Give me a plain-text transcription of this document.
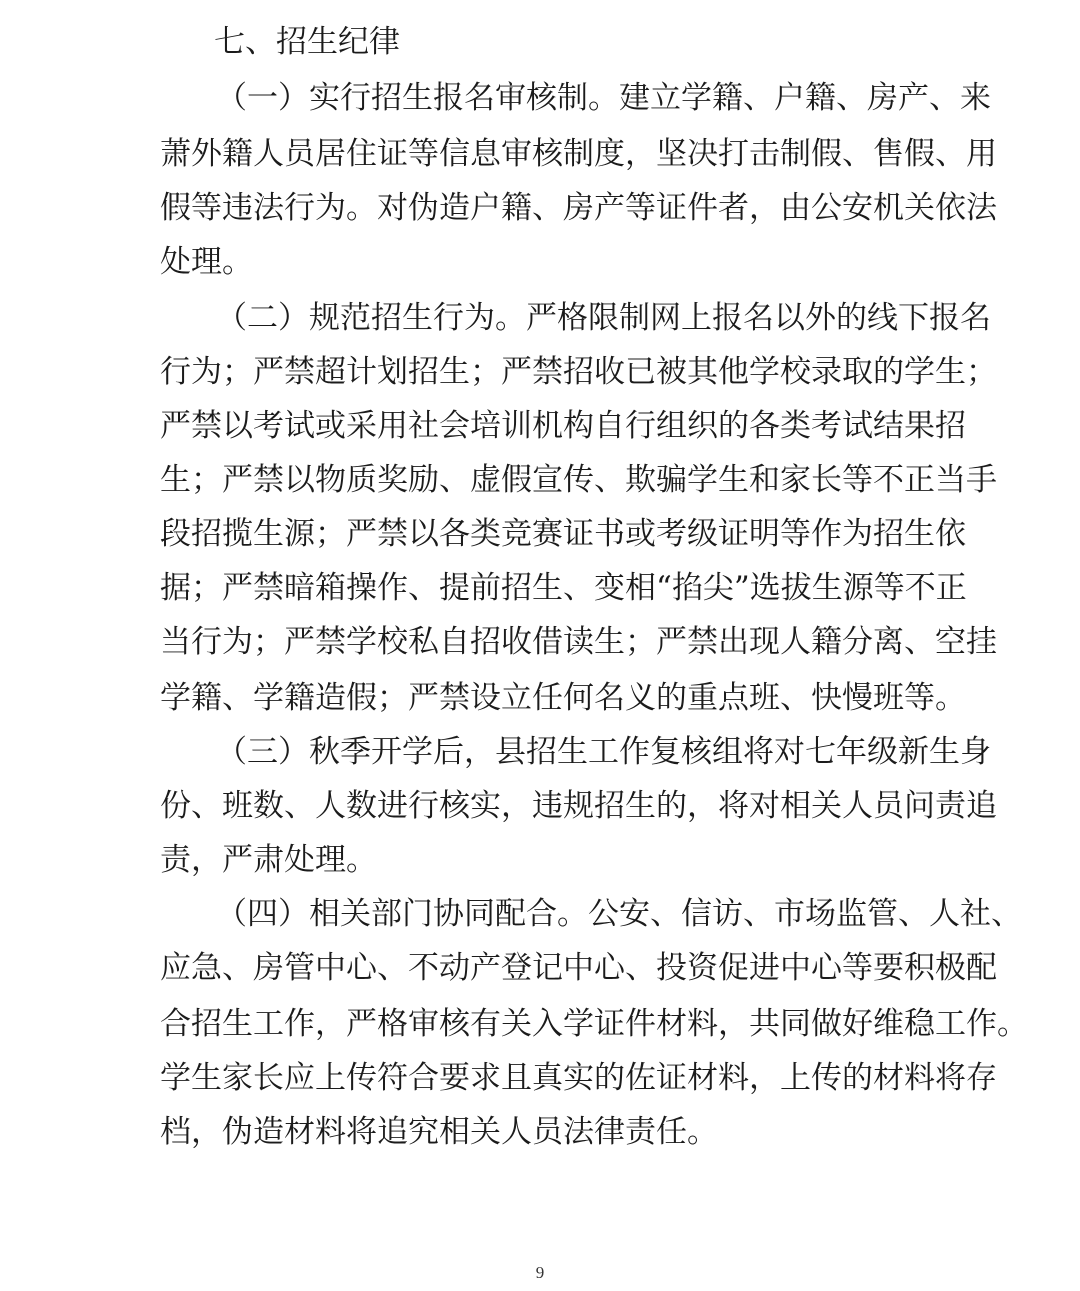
七、招生纪律
（一）实行招生报名审核制。建立学籍、户籍、房产、来
萧外籍人员居住证等信息审核制度，坚决打击制假、售假、用
假等违法行为。对伪造户籍、房产等证件者，由公安机关依法
处理。
（二）规范招生行为。严格限制网上报名以外的线下报名
行为；严禁超计划招生；严禁招收已被其他学校录取的学生；
严禁以考试或采用社会培训机构自行组织的各类考试结果招
生；严禁以物质奖励、虚假宣传、欺骗学生和家长等不正当手
段招揽生源；严禁以各类竞赛证书或考级证明等作为招生依
据；严禁暗箱操作、提前招生、变相“掐尖”选拔生源等不正
当行为；严禁学校私自招收借读生；严禁出现人籍分离、空挂
学籍、学籍造假；严禁设立任何名义的重点班、快慢班等。
（三）秋季开学后，县招生工作复核组将对七年级新生身
份、班数、人数进行核实，违规招生的，将对相关人员问责追
责，严肃处理。
（四）相关部门协同配合。公安、信访、市场监管、人社、
应急、房管中心、不动产登记中心、投资促进中心等要积极配
合招生工作，严格审核有关入学证件材料，共同做好维稳工作。
学生家长应上传符合要求且真实的佐证材料，上传的材料将存
档，伪造材料将追究相关人员法律责任。
9
